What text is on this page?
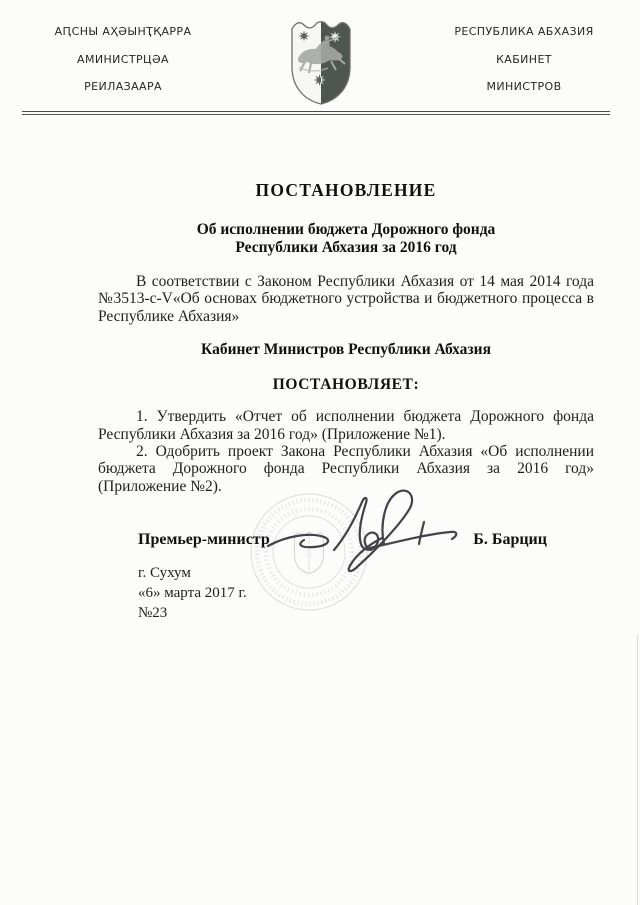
АԤСНЫ АҲӘЫНҬҚАРРА
АМИНИСТРЦӘА
РЕИЛАЗААРА
РЕСПУБЛИКА АБХАЗИЯ
КАБИНЕТ
МИНИСТРОВ
ПОСТАНОВЛЕНИЕ
Об исполнении бюджета Дорожного фонда
Республики Абхазия за 2016 год

В соответствии с Законом Республики Абхазия от 14 мая 2014 года №3513-с-V«Об основах бюджетного устройства и бюджетного процесса в Республике Абхазия»

Кабинет Министров Республики Абхазия
ПОСТАНОВЛЯЕТ:

1. Утвердить «Отчет об исполнении бюджета Дорожного фонда Республики Абхазия за 2016 год» (Приложение №1).

2. Одобрить проект Закона Республики Абхазия «Об исполнении бюджета Дорожного фонда Республики Абхазия за 2016 год» (Приложение №2).

Премьер-министр	Б. Барциц
г. Сухум
«6» марта 2017 г.
№23
